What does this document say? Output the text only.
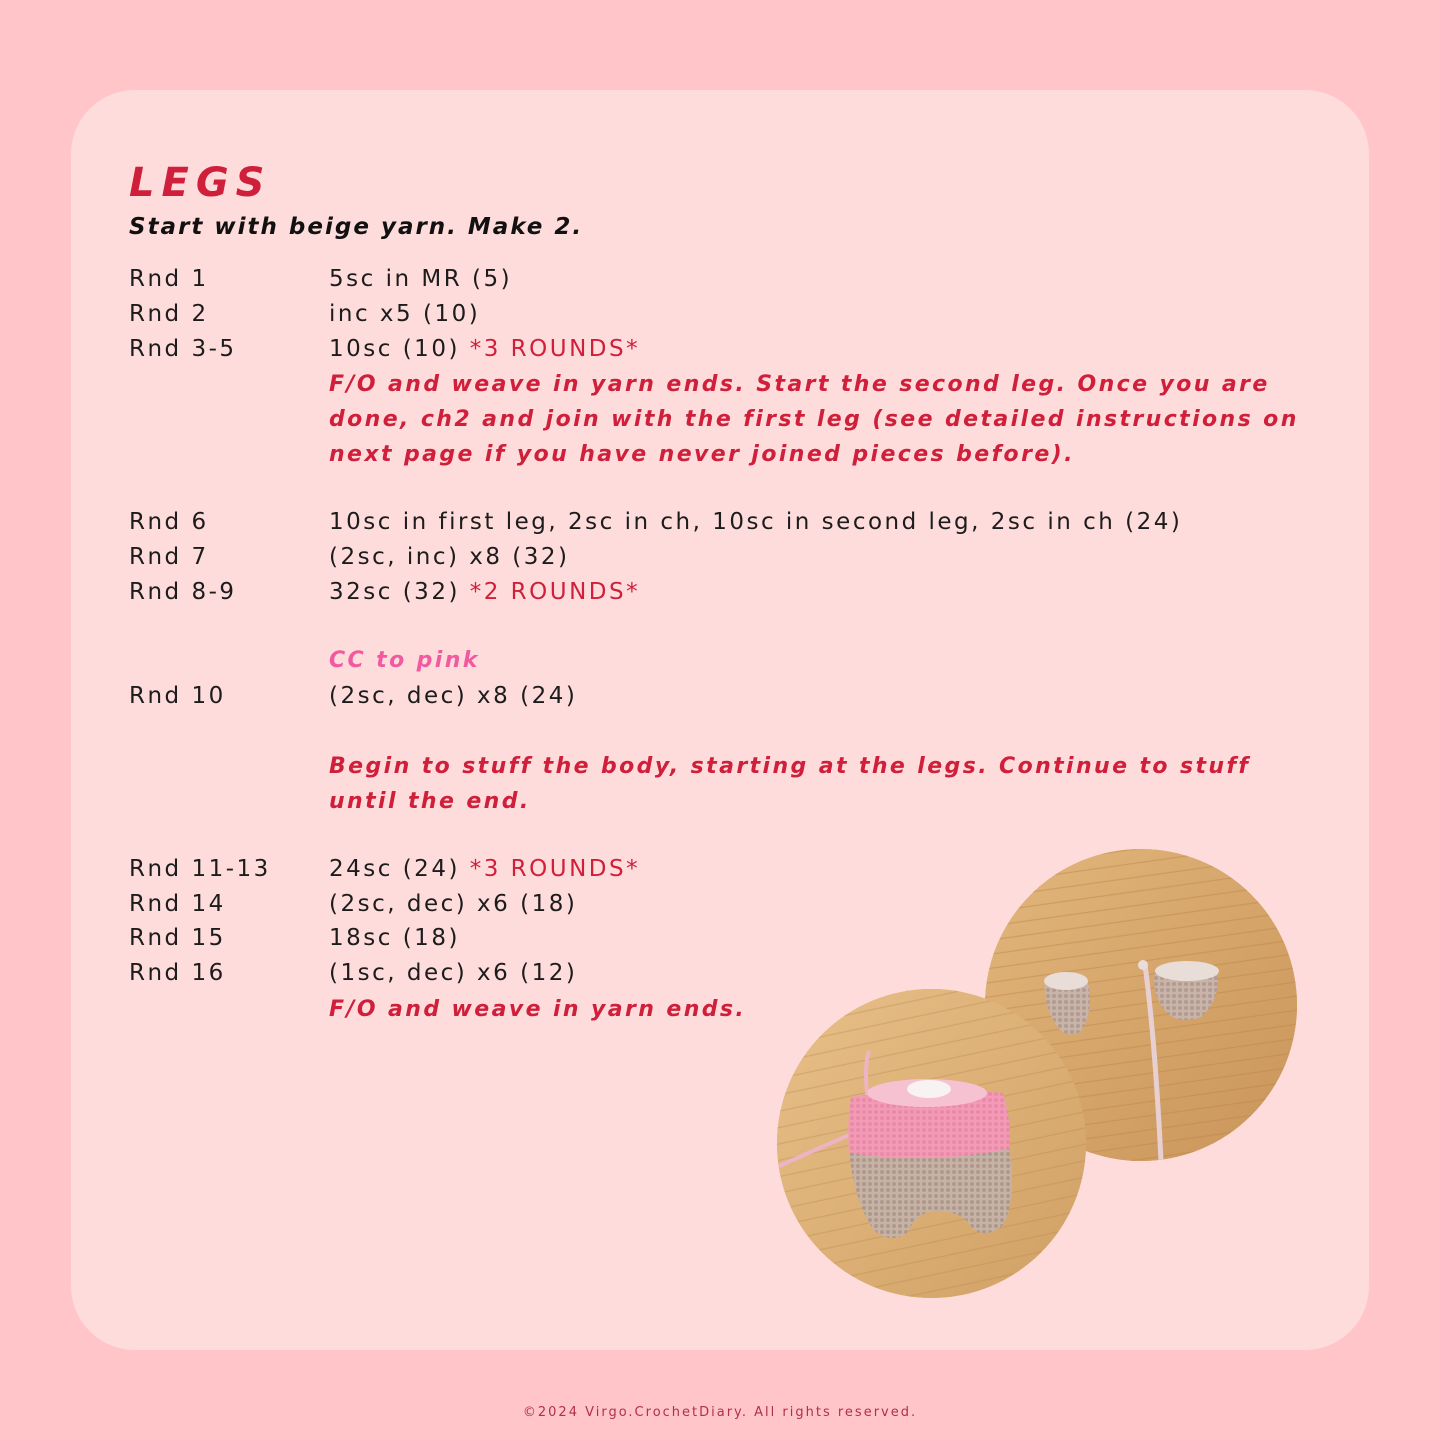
LEGS
Start with beige yarn. Make 2.
Rnd 1	5sc in MR (5)
Rnd 2	inc x5 (10)
Rnd 3-5	10sc (10) *3 ROUNDS*
F/O and weave in yarn ends. Start the second leg. Once you are done, ch2 and join with the first leg (see detailed instructions on next page if you have never joined pieces before).
Rnd 6	10sc in first leg, 2sc in ch, 10sc in second leg, 2sc in ch (24)
Rnd 7	(2sc, inc) x8 (32)
Rnd 8-9	32sc (32) *2 ROUNDS*
CC to pink
Rnd 10	(2sc, dec) x8 (24)
Begin to stuff the body, starting at the legs. Continue to stuff until the end.
Rnd 11-13	24sc (24) *3 ROUNDS*
Rnd 14	(2sc, dec) x6 (18)
Rnd 15	18sc (18)
Rnd 16	(1sc, dec) x6 (12)
F/O and weave in yarn ends.
©2024 Virgo.CrochetDiary. All rights reserved.
